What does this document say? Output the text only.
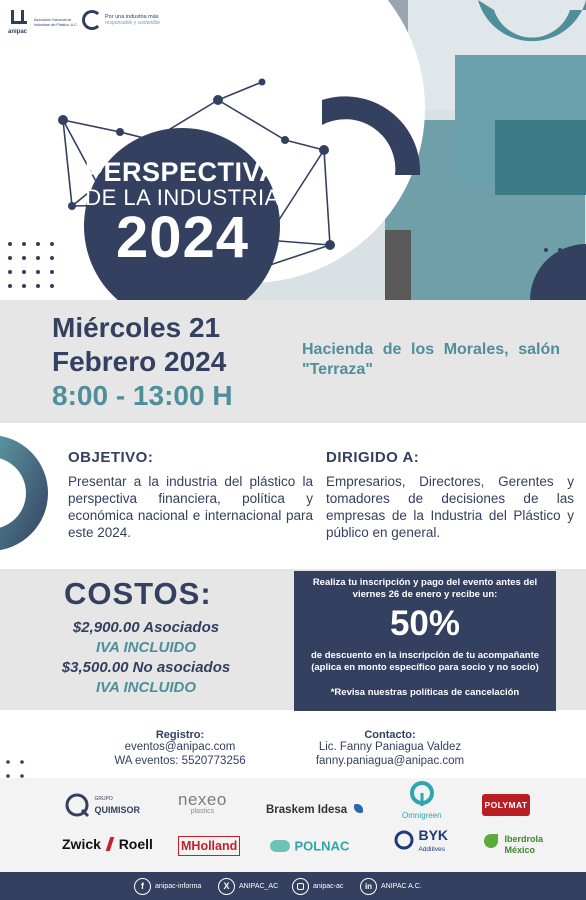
anipac
Asociación Nacional de Industrias del Plástico, A.C.
Por una industria más
responsable y sostenible
PERSPECTIVAS
DE LA INDUSTRIA
2024
Miércoles 21
Febrero 2024
8:00 - 13:00 H
Hacienda de los Morales, salón "Terraza"
OBJETIVO:
Presentar a la industria del plástico la perspectiva financiera, política y económica nacional e internacional para este 2024.
DIRIGIDO A:
Empresarios, Directores, Gerentes y tomadores de decisiones de las empresas de la Industria del Plástico y público en general.
COSTOS:
$2,900.00 Asociados
IVA INCLUIDO
$3,500.00 No asociados
IVA INCLUIDO
Realiza tu inscripción y pago del evento antes del viernes 26 de enero y recibe un:
50%
de descuento en la inscripción de tu acompañante (aplica en monto específico para socio y no socio)
*Revisa nuestras políticas de cancelación
Registro:
eventos@anipac.com
WA eventos: 5520773256
Contacto:
Lic. Fanny Paniagua Valdez
fanny.paniagua@anipac.com

GRUPO
QUIMISOR
nexeo
plastics	Braskem Idesa	Omnigreen
POLYMAT
Zwick Roell MHolland	POLNAC

BYK
Additives

Iberdrola
México
f	anipac-informa	X	ANIPAC_AC	anipac-ac	in	ANIPAC A.C.
